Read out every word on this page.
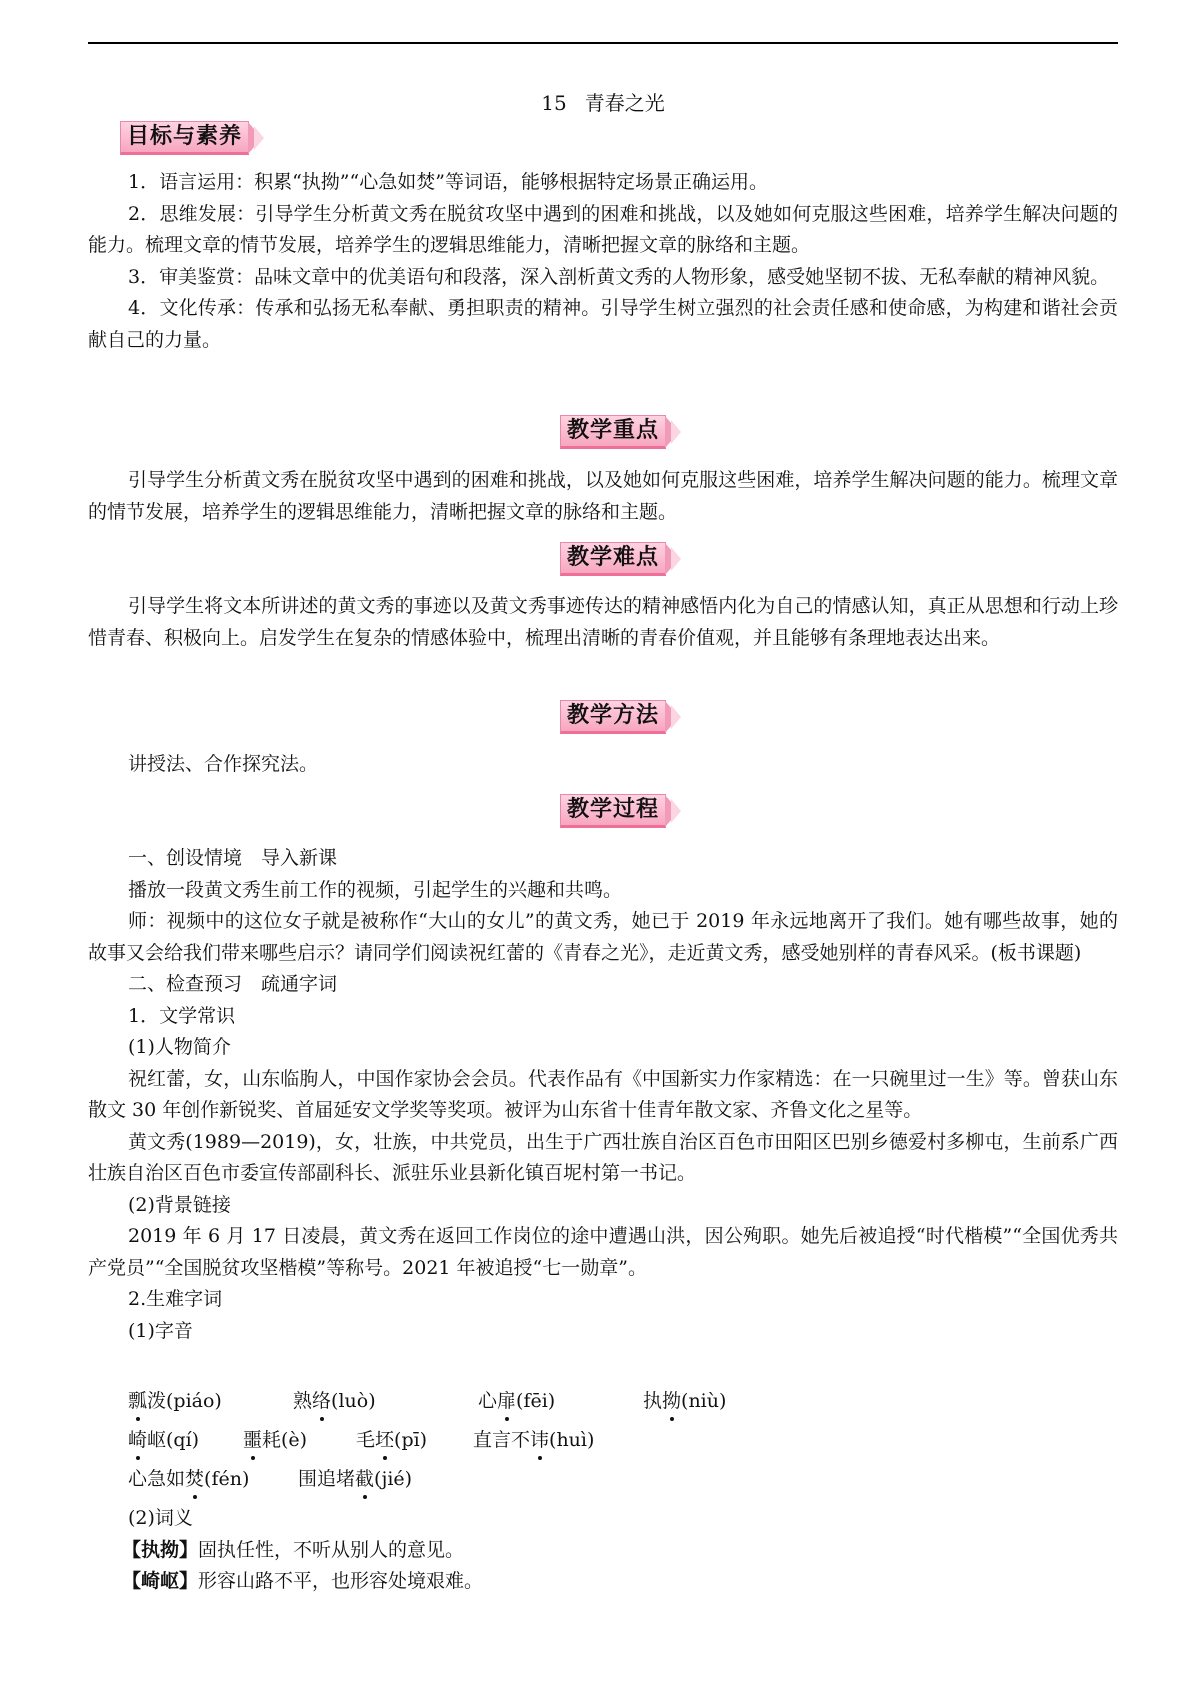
15 青春之光
目标与素养

1．语言运用：积累“执拗”“心急如焚”等词语，能够根据特定场景正确运用。

2．思维发展：引导学生分析黄文秀在脱贫攻坚中遇到的困难和挑战，以及她如何克服这些困难，培养学生解决问题的能力。梳理文章的情节发展，培养学生的逻辑思维能力，清晰把握文章的脉络和主题。

3．审美鉴赏：品味文章中的优美语句和段落，深入剖析黄文秀的人物形象，感受她坚韧不拔、无私奉献的精神风貌。

4．文化传承：传承和弘扬无私奉献、勇担职责的精神。引导学生树立强烈的社会责任感和使命感，为构建和谐社会贡献自己的力量。

教学重点

引导学生分析黄文秀在脱贫攻坚中遇到的困难和挑战，以及她如何克服这些困难，培养学生解决问题的能力。梳理文章的情节发展，培养学生的逻辑思维能力，清晰把握文章的脉络和主题。

教学难点

引导学生将文本所讲述的黄文秀的事迹以及黄文秀事迹传达的精神感悟内化为自己的情感认知，真正从思想和行动上珍惜青春、积极向上。启发学生在复杂的情感体验中，梳理出清晰的青春价值观，并且能够有条理地表达出来。

教学方法

讲授法、合作探究法。

教学过程

一、创设情境　导入新课

播放一段黄文秀生前工作的视频，引起学生的兴趣和共鸣。

师：视频中的这位女子就是被称作“大山的女儿”的黄文秀，她已于 2019 年永远地离开了我们。她有哪些故事，她的故事又会给我们带来哪些启示？请同学们阅读祝红蕾的《青春之光》，走近黄文秀，感受她别样的青春风采。(板书课题)

二、检查预习　疏通字词

1．文学常识

(1)人物简介

祝红蕾，女，山东临朐人，中国作家协会会员。代表作品有《中国新实力作家精选：在一只碗里过一生》等。曾获山东散文 30 年创作新锐奖、首届延安文学奖等奖项。被评为山东省十佳青年散文家、齐鲁文化之星等。

黄文秀(1989—2019)，女，壮族，中共党员，出生于广西壮族自治区百色市田阳区巴别乡德爱村多柳屯，生前系广西壮族自治区百色市委宣传部副科长、派驻乐业县新化镇百坭村第一书记。

(2)背景链接

2019 年 6 月 17 日凌晨，黄文秀在返回工作岗位的途中遭遇山洪，因公殉职。她先后被追授“时代楷模”“全国优秀共产党员”“全国脱贫攻坚楷模”等称号。2021 年被追授“七一勋章”。

2.生难字词

(1)字音

瓢泼(piáo)	熟络(luò)	心扉(fēi)	执拗(niù)
崎岖(qí) 噩耗(è)	毛坯(pī) 直言不讳(huì)
心急如焚(fén)	围追堵截(jié)

(2)词义

【执拗】固执任性，不听从别人的意见。

【崎岖】形容山路不平，也形容处境艰难。
